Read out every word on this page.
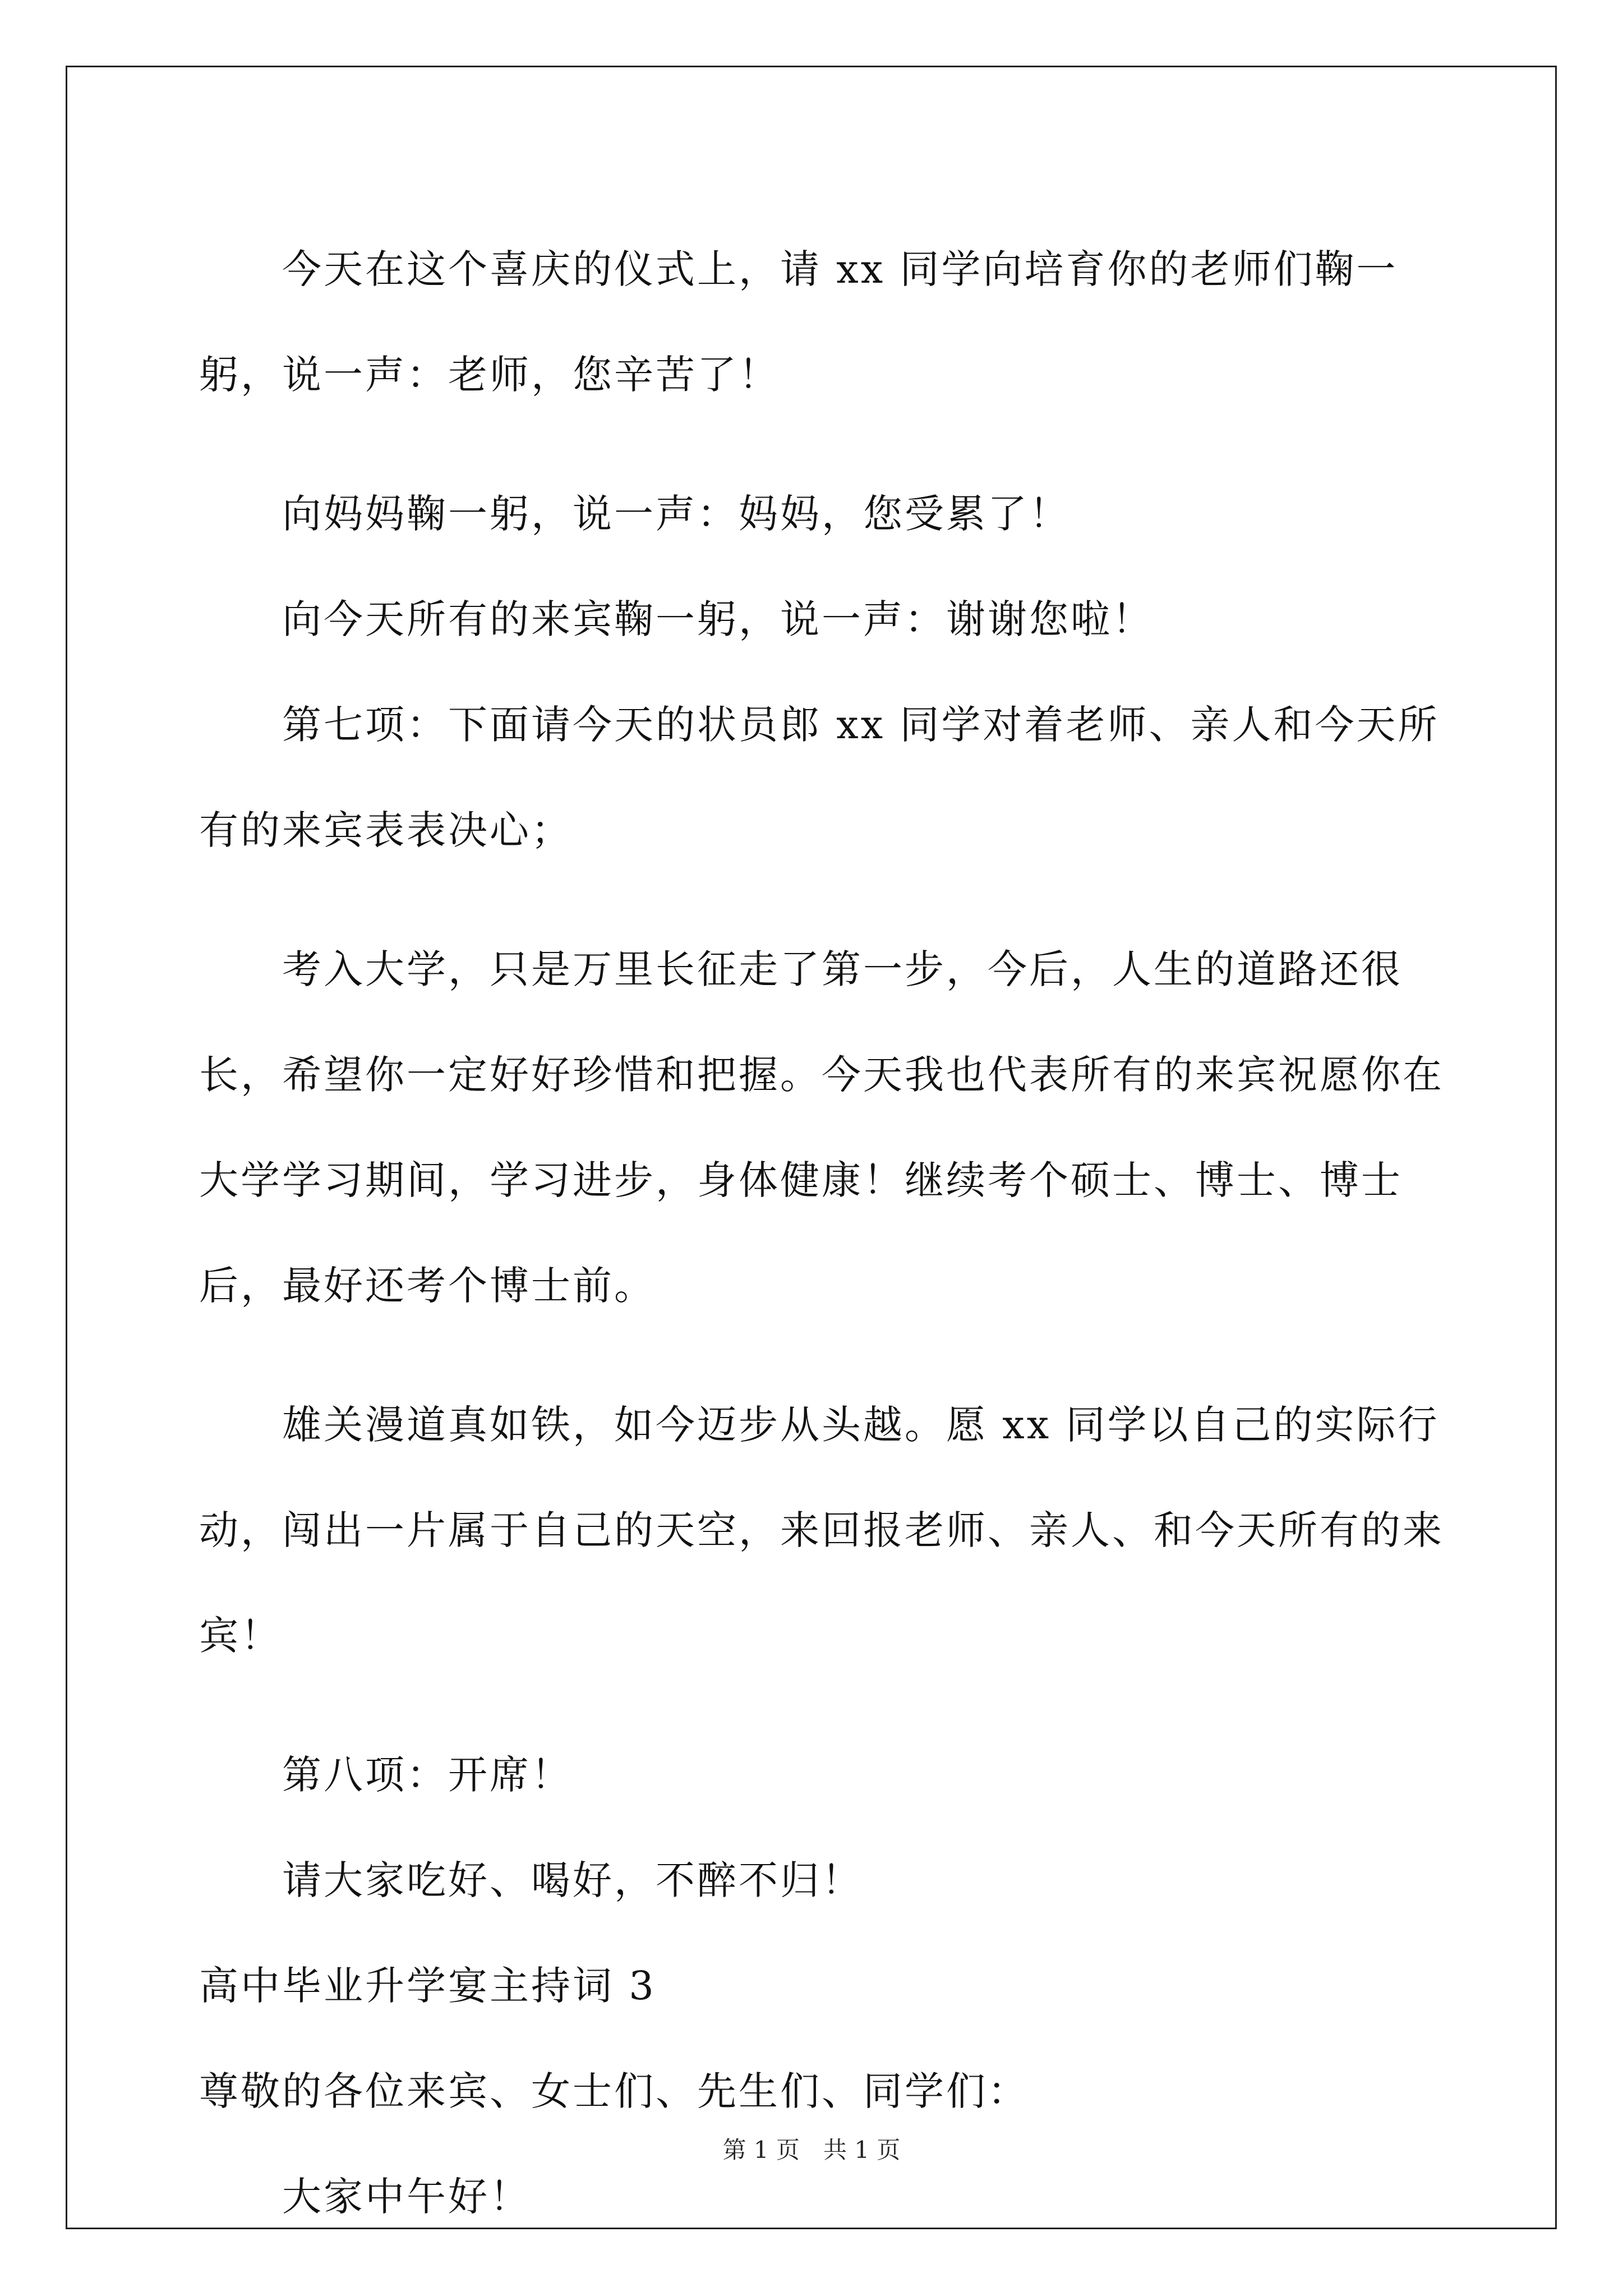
今天在这个喜庆的仪式上，请 xx 同学向培育你的老师们鞠一躬，说一声：老师，您辛苦了！

向妈妈鞠一躬，说一声：妈妈，您受累了！

向今天所有的来宾鞠一躬，说一声：谢谢您啦！

第七项：下面请今天的状员郎 xx 同学对着老师、亲人和今天所有的来宾表表决心；

考入大学，只是万里长征走了第一步，今后，人生的道路还很长，希望你一定好好珍惜和把握。今天我也代表所有的来宾祝愿你在大学学习期间，学习进步，身体健康！继续考个硕士、博士、博士后，最好还考个博士前。

雄关漫道真如铁，如今迈步从头越。愿 xx 同学以自己的实际行动，闯出一片属于自己的天空，来回报老师、亲人、和今天所有的来宾！

第八项：开席！

请大家吃好、喝好，不醉不归！

高中毕业升学宴主持词 3

尊敬的各位来宾、女士们、先生们、同学们：

大家中午好！

第 1 页　共 1 页
